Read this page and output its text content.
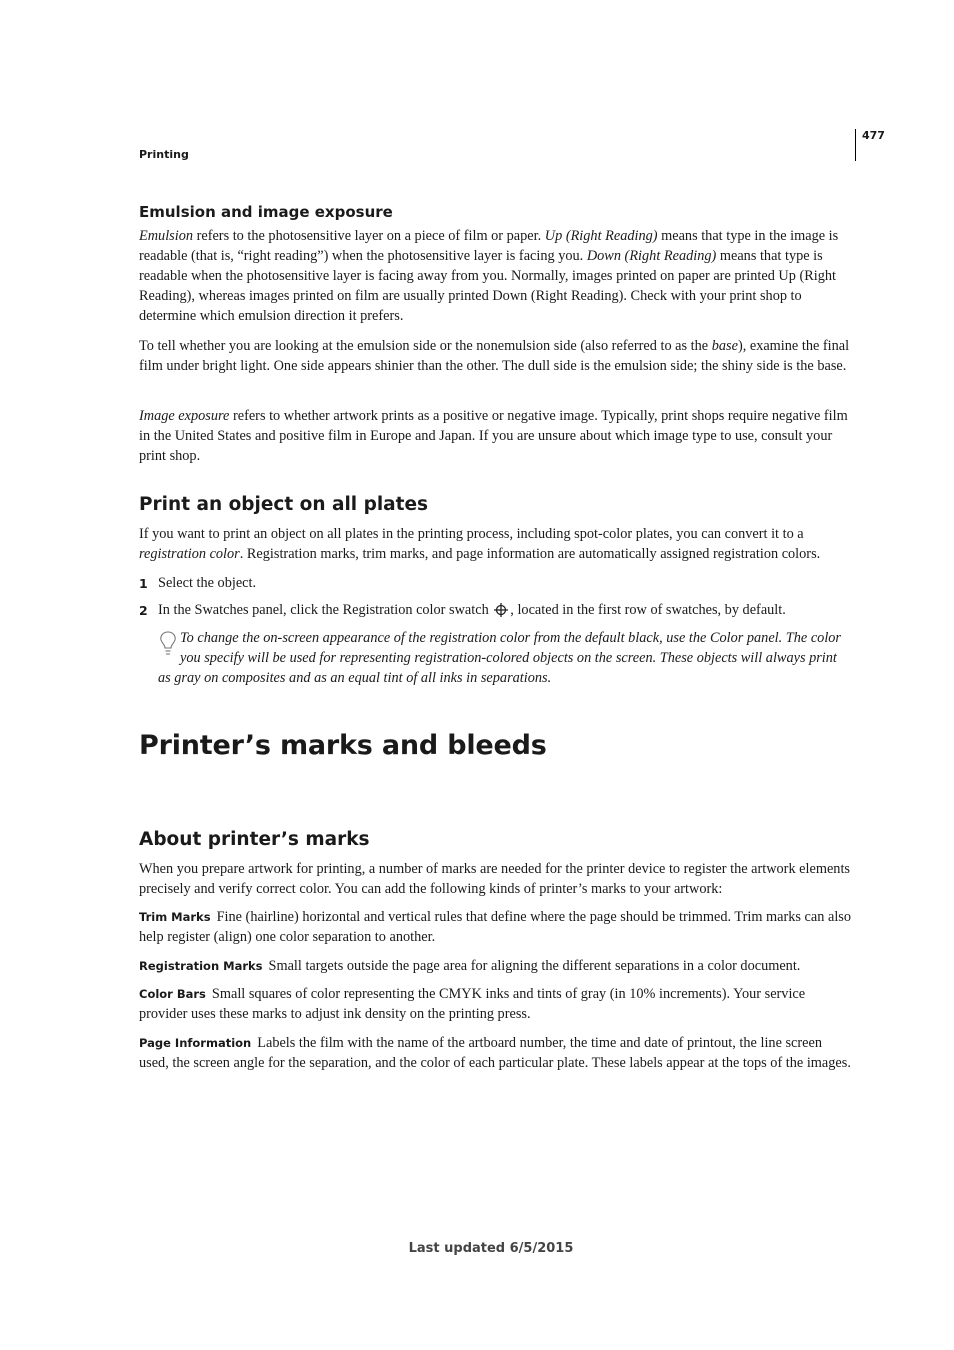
477
Printing
Emulsion and image exposure

Emulsion refers to the photosensitive layer on a piece of film or paper. Up (Right Reading) means that type in the image is readable (that is, “right reading”) when the photosensitive layer is facing you. Down (Right Reading) means that type is readable when the photosensitive layer is facing away from you. Normally, images printed on paper are printed Up (Right Reading), whereas images printed on film are usually printed Down (Right Reading). Check with your print shop to determine which emulsion direction it prefers.

To tell whether you are looking at the emulsion side or the nonemulsion side (also referred to as the base), examine the final film under bright light. One side appears shinier than the other. The dull side is the emulsion side; the shiny side is the base.

Image exposure refers to whether artwork prints as a positive or negative image. Typically, print shops require negative film in the United States and positive film in Europe and Japan. If you are unsure about which image type to use, consult your print shop.

Print an object on all plates

If you want to print an object on all plates in the printing process, including spot-color plates, you can convert it to a registration color. Registration marks, trim marks, and page information are automatically assigned registration colors.

1 Select the object.
2 In the Swatches panel, click the Registration color swatch , located in the first row of swatches, by default.

To change the on-screen appearance of the registration color from the default black, use the Color panel. The color you specify will be used for representing registration-colored objects on the screen. These objects will always print as gray on composites and as an equal tint of all inks in separations.

Printer’s marks and bleeds
About printer’s marks

When you prepare artwork for printing, a number of marks are needed for the printer device to register the artwork elements precisely and verify correct color. You can add the following kinds of printer’s marks to your artwork:

Trim Marks Fine (hairline) horizontal and vertical rules that define where the page should be trimmed. Trim marks can also help register (align) one color separation to another.

Registration Marks Small targets outside the page area for aligning the different separations in a color document.

Color Bars Small squares of color representing the CMYK inks and tints of gray (in 10% increments). Your service provider uses these marks to adjust ink density on the printing press.

Page Information Labels the film with the name of the artboard number, the time and date of printout, the line screen used, the screen angle for the separation, and the color of each particular plate. These labels appear at the tops of the images.

Last updated 6/5/2015
